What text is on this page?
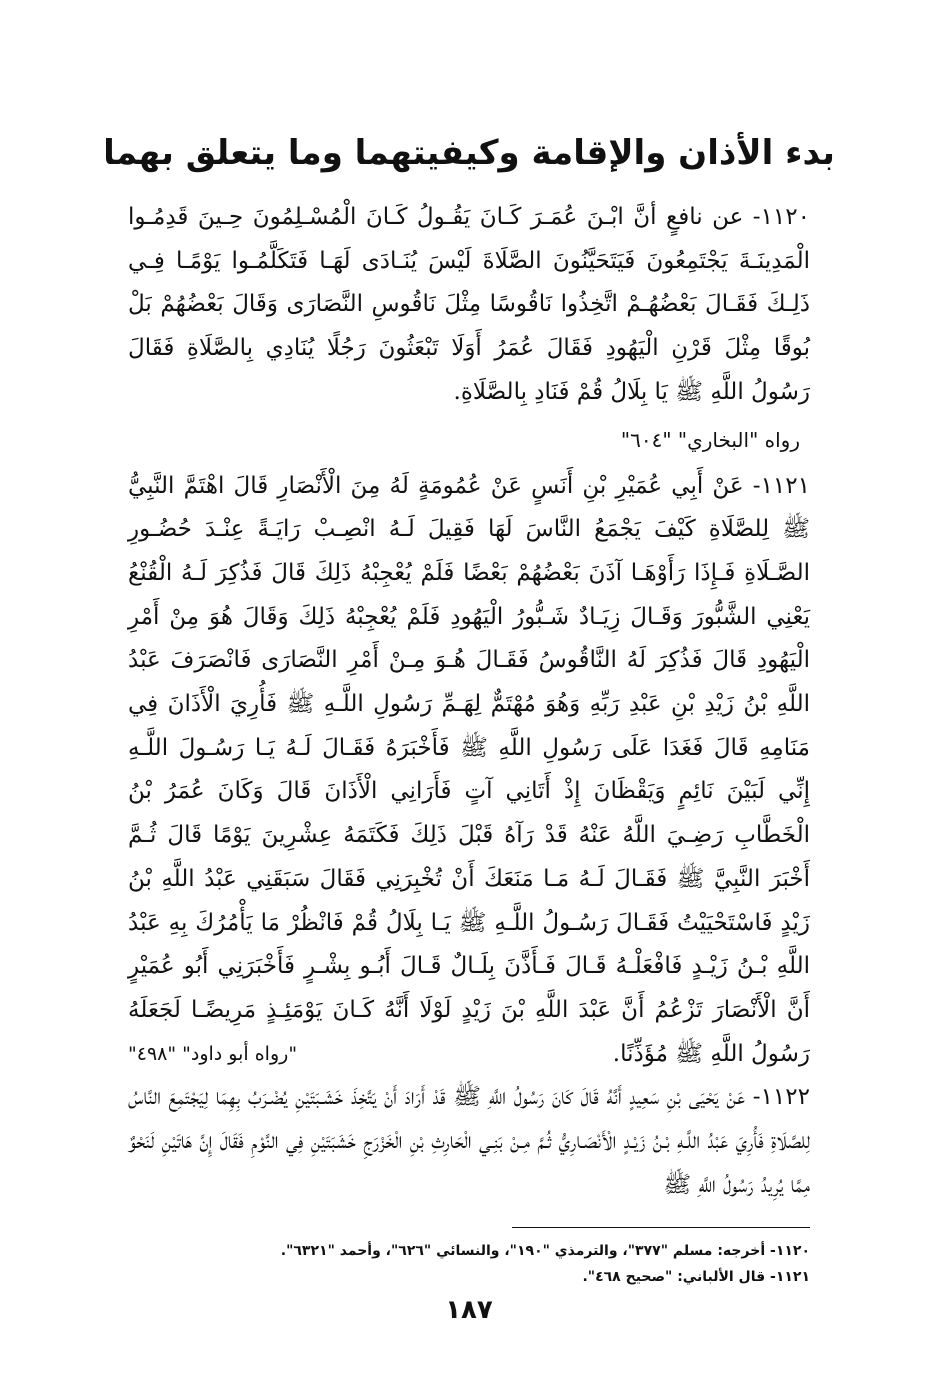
بدء الأذان والإقامة وكيفيتهما وما يتعلق بهما

١١٢٠- عن نافعٍ أنَّ ابْـنَ عُمَـرَ كَـانَ يَقُـولُ كَـانَ الْمُسْـلِمُونَ حِـينَ قَدِمُـوا الْمَدِينَـةَ يَجْتَمِعُونَ فَيَتَحَيَّنُونَ الصَّلَاةَ لَيْسَ يُنَـادَى لَهَـا فَتَكَلَّمُـوا يَوْمًـا فِـي ذَلِـكَ فَقَـالَ بَعْضُهُـمْ اتَّخِذُوا نَاقُوسًا مِثْلَ نَاقُوسِ النَّصَارَى وَقَالَ بَعْضُهُمْ بَلْ بُوقًا مِثْلَ قَرْنِ الْيَهُودِ فَقَالَ عُمَرُ أَوَلَا تَبْعَثُونَ رَجُلًا يُنَادِي بِالصَّلَاةِ فَقَالَ رَسُولُ اللَّهِ ﷺ يَا بِلَالُ قُمْ فَنَادِ بِالصَّلَاةِ.

رواه "البخاري" "٦٠٤"

١١٢١- عَنْ أَبِي عُمَيْرِ بْنِ أَنَسٍ عَنْ عُمُومَةٍ لَهُ مِنَ الْأَنْصَارِ قَالَ اهْتَمَّ النَّبِيُّ ﷺ لِلصَّلَاةِ كَيْفَ يَجْمَعُ النَّاسَ لَهَا فَقِيلَ لَـهُ انْصِـبْ رَايَـةً عِنْـدَ حُضُـورِ الصَّـلَاةِ فَـإِذَا رَأَوْهَـا آذَنَ بَعْضُهُمْ بَعْضًا فَلَمْ يُعْجِبْهُ ذَلِكَ قَالَ فَذُكِرَ لَـهُ الْقُنْعُ يَعْنِي الشَّبُّورَ وَقَـالَ زِيَـادٌ شَـبُّورُ الْيَهُودِ فَلَمْ يُعْجِبْهُ ذَلِكَ وَقَالَ هُوَ مِنْ أَمْرِ الْيَهُودِ قَالَ فَذُكِرَ لَهُ النَّاقُوسُ فَقَـالَ هُـوَ مِـنْ أَمْرِ النَّصَارَى فَانْصَرَفَ عَبْدُ اللَّهِ بْنُ زَيْدِ بْنِ عَبْدِ رَبِّهِ وَهُوَ مُهْتَمٌّ لِهَـمِّ رَسُولِ اللَّـهِ ﷺ فَأُرِيَ الْأَذَانَ فِي مَنَامِهِ قَالَ فَغَدَا عَلَى رَسُولِ اللَّهِ ﷺ فَأَخْبَرَهُ فَقَـالَ لَـهُ يَـا رَسُـولَ اللَّـهِ إِنِّي لَبَيْنَ نَائِمٍ وَيَقْظَانَ إِذْ أَتَانِي آتٍ فَأَرَانِي الْأَذَانَ قَالَ وَكَانَ عُمَرُ بْنُ الْخَطَّابِ رَضِـيَ اللَّهُ عَنْهُ قَدْ رَآهُ قَبْلَ ذَلِكَ فَكَتَمَهُ عِشْرِينَ يَوْمًا قَالَ ثُـمَّ أَخْبَرَ النَّبِيَّ ﷺ فَقَـالَ لَـهُ مَـا مَنَعَكَ أَنْ تُخْبِرَنِي فَقَالَ سَبَقَنِي عَبْدُ اللَّهِ بْنُ زَيْدٍ فَاسْتَحْيَيْتُ فَقَـالَ رَسُـولُ اللَّـهِ ﷺ يَـا بِلَالُ قُمْ فَانْظُرْ مَا يَأْمُرُكَ بِهِ عَبْدُ اللَّهِ بْـنُ زَيْـدٍ فَافْعَلْـهُ قَـالَ فَـأَذَّنَ بِلَـالٌ قَـالَ أَبُـو بِشْـرٍ فَأَخْبَرَنِي أَبُو عُمَيْرٍ أَنَّ الْأَنْصَارَ تَزْعُمُ أَنَّ عَبْدَ اللَّهِ بْنَ زَيْدٍ لَوْلَا أَنَّهُ كَـانَ يَوْمَئِـذٍ مَرِيضًـا لَجَعَلَهُ رَسُولُ اللَّهِ ﷺ مُؤَذِّنًا.
"رواه أبو داود" "٤٩٨"

١١٢٢- عَنْ يَحْيَى بْنِ سَعِيدٍ أَنَّهُ قَالَ كَانَ رَسُولُ اللَّهِ ﷺ قَدْ أَرَادَ أَنْ يَتَّخِذَ خَشَـبَتَيْنِ يُضْـرَبُ بِهِمَا لِيَجْتَمِعَ النَّاسُ لِلصَّلَاةِ فَأُرِيَ عَبْدُ اللَّـهِ بْـنُ زَيْـدٍ الْأَنْصَـارِيُّ ثُـمَّ مِـنْ بَنِـي الْحَارِثِ بْنِ الْخَزْرَجِ خَشَبَتَيْنِ فِي النَّوْمِ فَقَالَ إِنَّ هَاتَيْنِ لَنَحْوٌ مِمَّا يُرِيدُ رَسُولُ اللَّهِ ﷺ

١١٢٠- أخرجه: مسلم "٣٧٧"، والترمذي "١٩٠"، والنسائي "٦٢٦"، وأحمد "٦٣٢١".

١١٢١- قال الألباني: "صحيح ٤٦٨".

١٨٧
